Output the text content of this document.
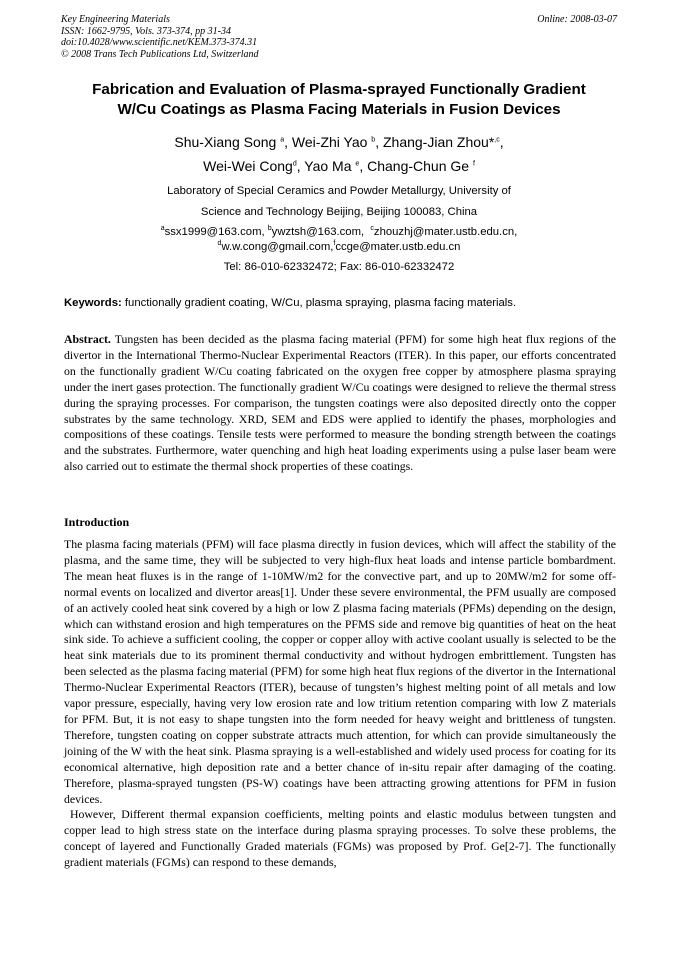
Key Engineering Materials
ISSN: 1662-9795, Vols. 373-374, pp 31-34
doi:10.4028/www.scientific.net/KEM.373-374.31
© 2008 Trans Tech Publications Ltd, Switzerland
Online: 2008-03-07
Fabrication and Evaluation of Plasma-sprayed Functionally Gradient
W/Cu Coatings as Plasma Facing Materials in Fusion Devices
Shu-Xiang Song $^a$, Wei-Zhi Yao $^b$, Zhang-Jian Zhou*$^{,c}$,
Wei-Wei Cong$^d$, Yao Ma $^e$, Chang-Chun Ge $^f$
Laboratory of Special Ceramics and Powder Metallurgy, University of
Science and Technology Beijing, Beijing 100083, China
$^a$ssx1999@163.com, $^b$ywztsh@163.com, $^c$zhouzhj@mater.ustb.edu.cn,
$^d$w.w.cong@gmail.com,$^f$ccge@mater.ustb.edu.cn
Tel: 86-010-62332472; Fax: 86-010-62332472
Keywords: functionally gradient coating, W/Cu, plasma spraying, plasma facing materials.

Abstract. Tungsten has been decided as the plasma facing material (PFM) for some high heat flux regions of the divertor in the International Thermo-Nuclear Experimental Reactors (ITER). In this paper, our efforts concentrated on the functionally gradient W/Cu coating fabricated on the oxygen free copper by atmosphere plasma spraying under the inert gases protection. The functionally gradient W/Cu coatings were designed to relieve the thermal stress during the spraying processes. For comparison, the tungsten coatings were also deposited directly onto the copper substrates by the same technology. XRD, SEM and EDS were applied to identify the phases, morphologies and compositions of these coatings. Tensile tests were performed to measure the bonding strength between the coatings and the substrates. Furthermore, water quenching and high heat loading experiments using a pulse laser beam were also carried out to estimate the thermal shock properties of these coatings.

Introduction

The plasma facing materials (PFM) will face plasma directly in fusion devices, which will affect the stability of the plasma, and the same time, they will be subjected to very high-flux heat loads and intense particle bombardment. The mean heat fluxes is in the range of 1-10MW/m2 for the convective part, and up to 20MW/m2 for some off-normal events on localized and divertor areas[1]. Under these severe environmental, the PFM usually are composed of an actively cooled heat sink covered by a high or low Z plasma facing materials (PFMs) depending on the design, which can withstand erosion and high temperatures on the PFMS side and remove big quantities of heat on the heat sink side. To achieve a sufficient cooling, the copper or copper alloy with active coolant usually is selected to be the heat sink materials due to its prominent thermal conductivity and without hydrogen embrittlement. Tungsten has been selected as the plasma facing material (PFM) for some high heat flux regions of the divertor in the International Thermo-Nuclear Experimental Reactors (ITER), because of tungsten’s highest melting point of all metals and low vapor pressure, especially, having very low erosion rate and low tritium retention comparing with low Z materials for PFM. But, it is not easy to shape tungsten into the form needed for heavy weight and brittleness of tungsten. Therefore, tungsten coating on copper substrate attracts much attention, for which can provide simultaneously the joining of the W with the heat sink. Plasma spraying is a well-established and widely used process for coating for its economical alternative, high deposition rate and a better chance of in-situ repair after damaging of the coating. Therefore, plasma-sprayed tungsten (PS-W) coatings have been attracting growing attentions for PFM in fusion devices.

However, Different thermal expansion coefficients, melting points and elastic modulus between tungsten and copper lead to high stress state on the interface during plasma spraying processes. To solve these problems, the concept of layered and Functionally Graded materials (FGMs) was proposed by Prof. Ge[2-7]. The functionally gradient materials (FGMs) can respond to these demands,
